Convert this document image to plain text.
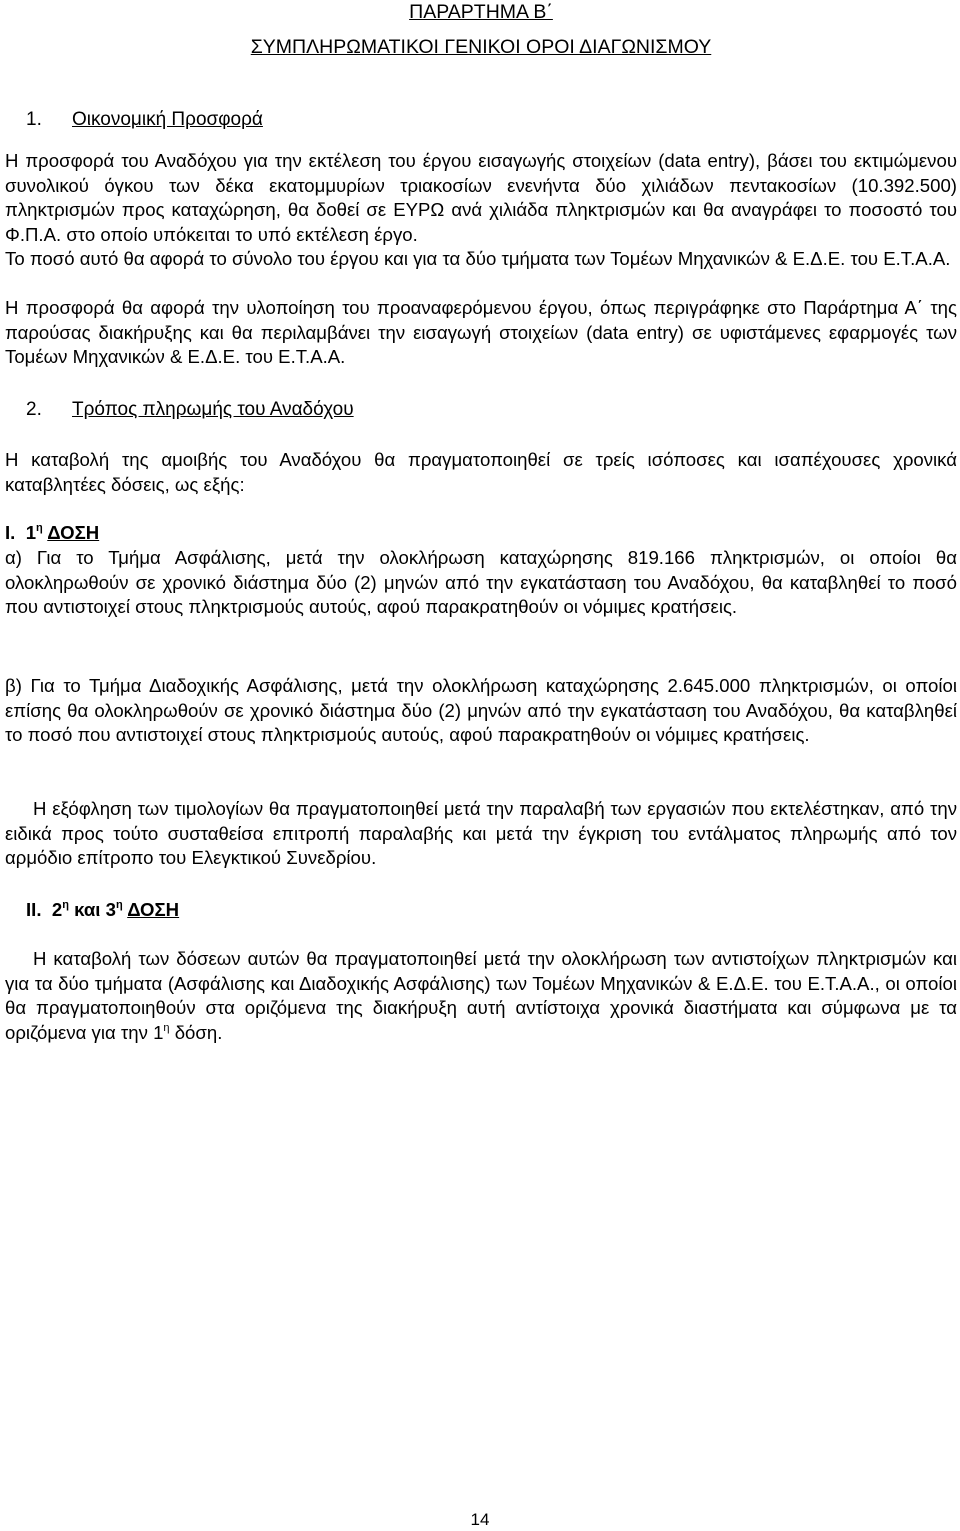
ΠΑΡΑΡΤΗΜΑ Β΄
ΣΥΜΠΛΗΡΩΜΑΤΙΚΟΙ ΓΕΝΙΚΟΙ ΟΡΟΙ ΔΙΑΓΩΝΙΣΜΟΥ
1. Οικονομική Προσφορά

Η προσφορά του Αναδόχου για την εκτέλεση του έργου εισαγωγής στοιχείων (data entry), βάσει του εκτιμώμενου συνολικού όγκου των δέκα εκατομμυρίων τριακοσίων ενενήντα δύο χιλιάδων πεντακοσίων (10.392.500) πληκτρισμών προς καταχώρηση, θα δοθεί σε ΕΥΡΩ ανά χιλιάδα πληκτρισμών και θα αναγράφει το ποσοστό του Φ.Π.Α. στο οποίο υπόκειται το υπό εκτέλεση έργο.

Το ποσό αυτό θα αφορά το σύνολο του έργου και για τα δύο τμήματα των Τομέων Μηχανικών & Ε.Δ.Ε. του Ε.Τ.Α.Α.

Η προσφορά θα αφορά την υλοποίηση του προαναφερόμενου έργου, όπως περιγράφηκε στο Παράρτημα Α΄ της παρούσας διακήρυξης και θα περιλαμβάνει την εισαγωγή στοιχείων (data entry) σε υφιστάμενες εφαρμογές των Τομέων Μηχανικών & Ε.Δ.Ε. του Ε.Τ.Α.Α.

2. Τρόπος πληρωμής του Αναδόχου

Η καταβολή της αμοιβής του Αναδόχου θα πραγματοποιηθεί σε τρείς ισόποσες και ισαπέχουσες χρονικά καταβλητέες δόσεις, ως εξής:

Ι. $1^\eta$ ΔΟΣΗ

α) Για το Τμήμα Ασφάλισης, μετά την ολοκλήρωση καταχώρησης 819.166 πληκτρισμών, οι οποίοι θα ολοκληρωθούν σε χρονικό διάστημα δύο (2) μηνών από την εγκατάσταση του Αναδόχου, θα καταβληθεί το ποσό που αντιστοιχεί στους πληκτρισμούς αυτούς, αφού παρακρατηθούν οι νόμιμες κρατήσεις.

β) Για το Τμήμα Διαδοχικής Ασφάλισης, μετά την ολοκλήρωση καταχώρησης 2.645.000 πληκτρισμών, οι οποίοι επίσης θα ολοκληρωθούν σε χρονικό διάστημα δύο (2) μηνών από την εγκατάσταση του Αναδόχου, θα καταβληθεί το ποσό που αντιστοιχεί στους πληκτρισμούς αυτούς, αφού παρακρατηθούν οι νόμιμες κρατήσεις.

Η εξόφληση των τιμολογίων θα πραγματοποιηθεί μετά την παραλαβή των εργασιών που εκτελέστηκαν, από την ειδικά προς τούτο συσταθείσα επιτροπή παραλαβής και μετά την έγκριση του εντάλματος πληρωμής από τον αρμόδιο επίτροπο του Ελεγκτικού Συνεδρίου.

ΙΙ. $2^\eta$ και $3^\eta$ ΔΟΣΗ

Η καταβολή των δόσεων αυτών θα πραγματοποιηθεί μετά την ολοκλήρωση των αντιστοίχων πληκτρισμών και για τα δύο τμήματα (Ασφάλισης και Διαδοχικής Ασφάλισης) των Τομέων Μηχανικών & Ε.Δ.Ε. του Ε.Τ.Α.Α., οι οποίοι θα πραγματοποιηθούν στα οριζόμενα της διακήρυξη αυτή αντίστοιχα χρονικά διαστήματα και σύμφωνα με τα οριζόμενα για την $1^\eta$ δόση.

14
